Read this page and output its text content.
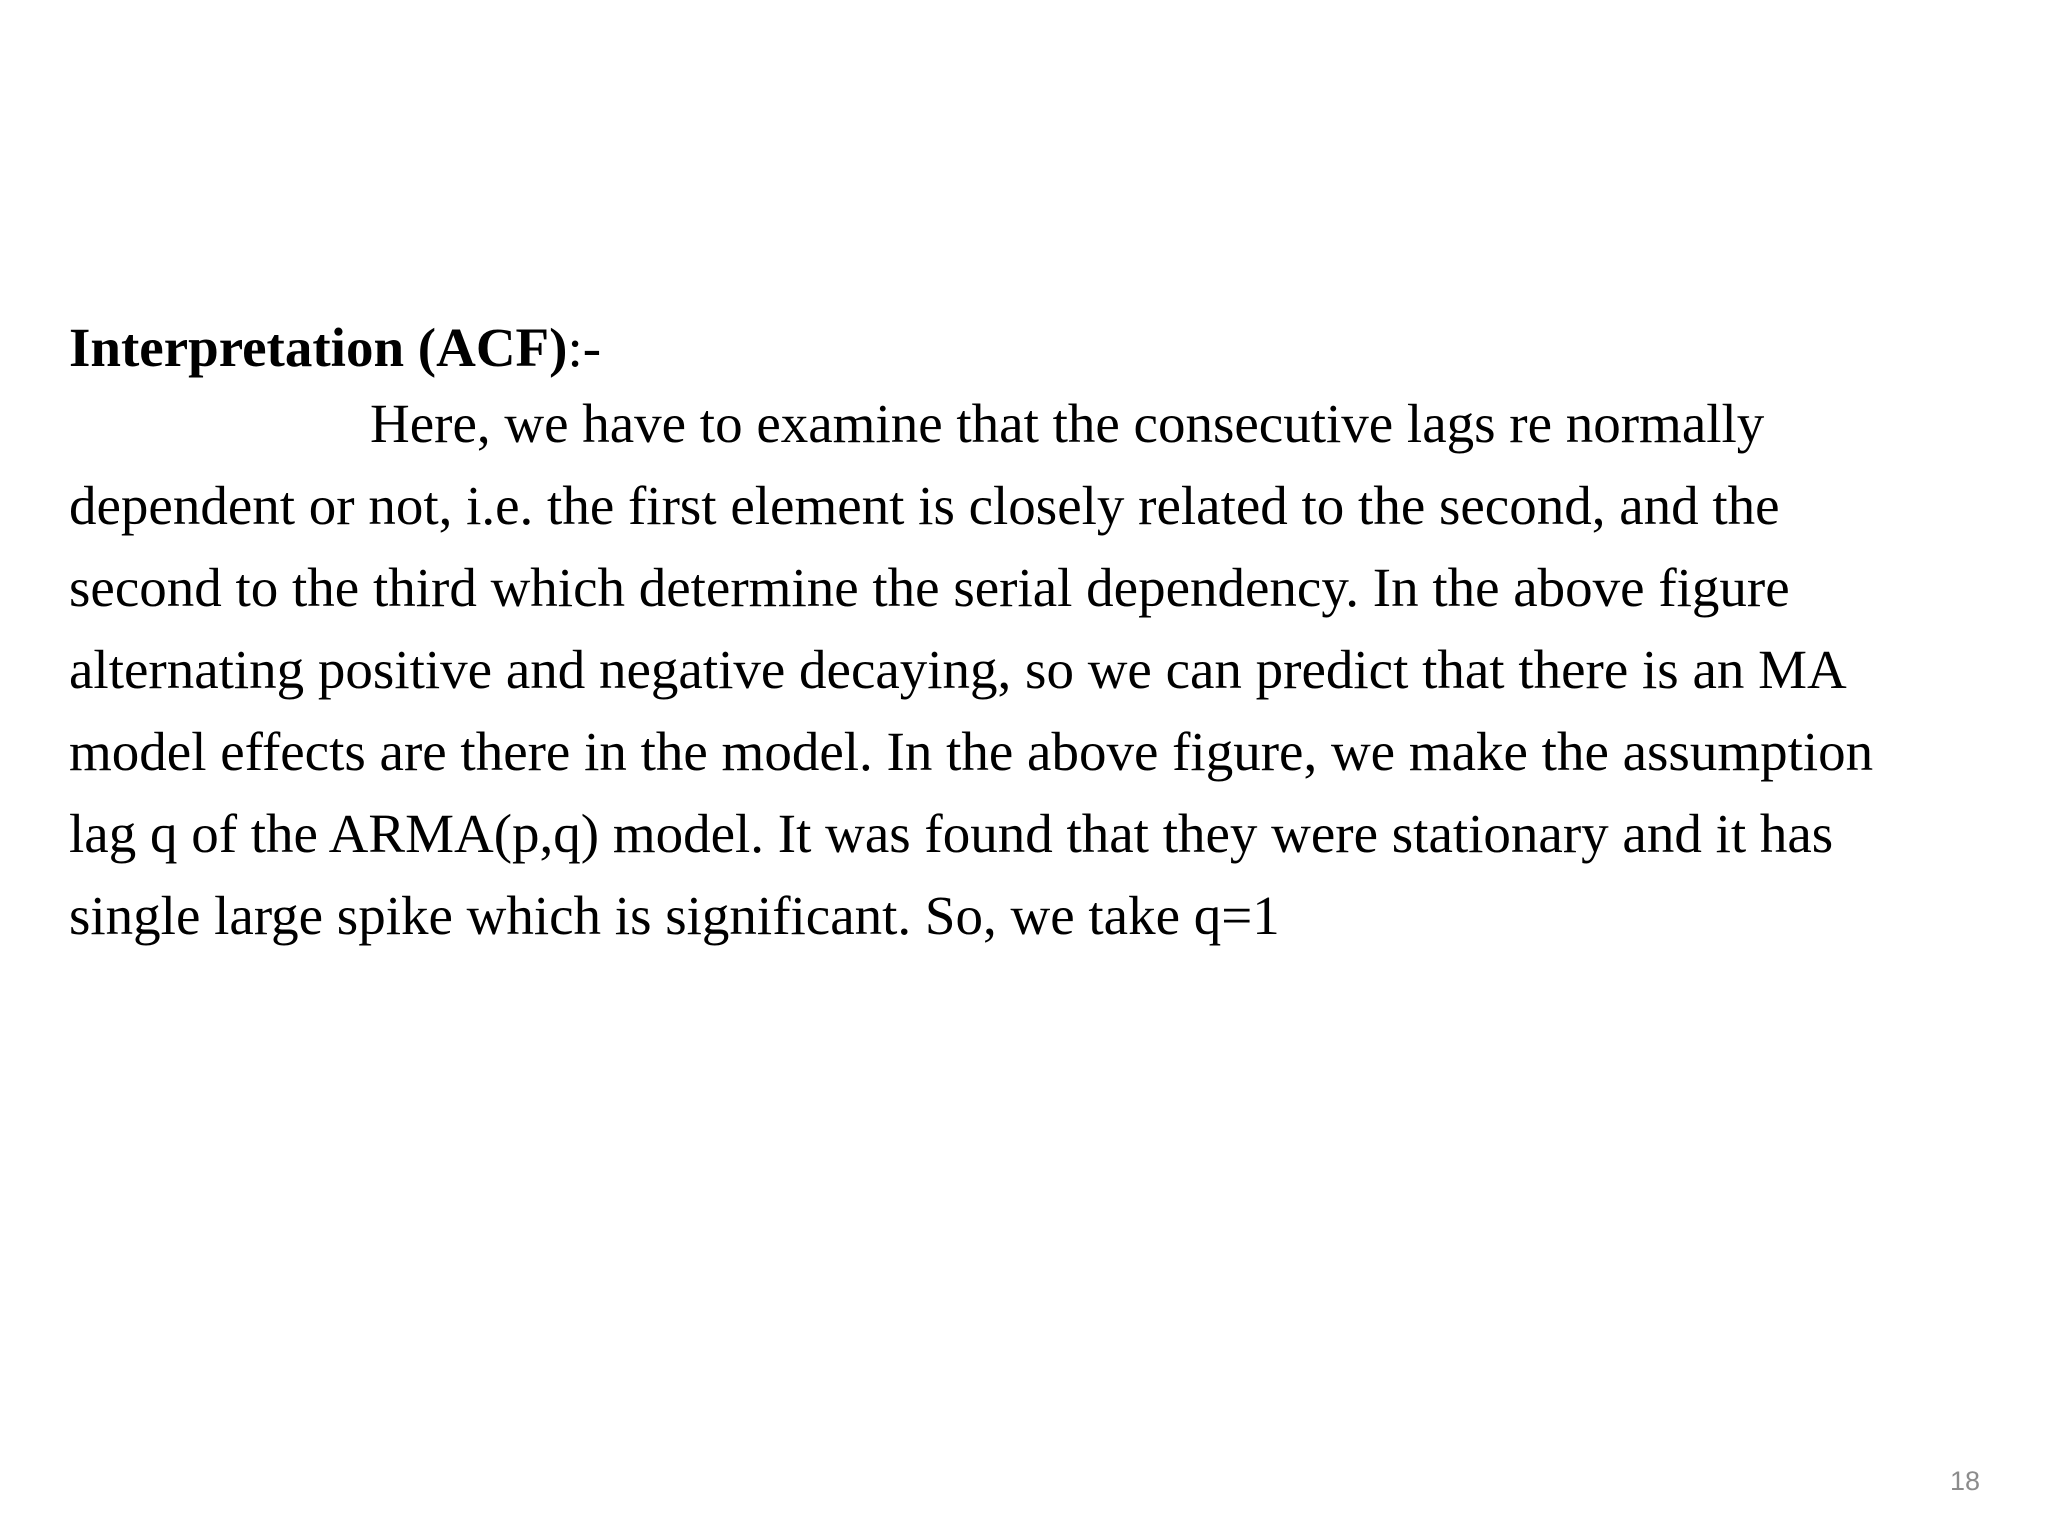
Interpretation (ACF):-
Here, we have to examine that the consecutive lags re normally
dependent or not, i.e. the first element is closely related to the second, and the
second to the third which determine the serial dependency. In the above figure
alternating positive and negative decaying, so we can predict that there is an MA
model effects are there in the model. In the above figure, we make the assumption
lag q of the ARMA(p,q) model. It was found that they were stationary and it has
single large spike which is significant. So, we take q=1
18
